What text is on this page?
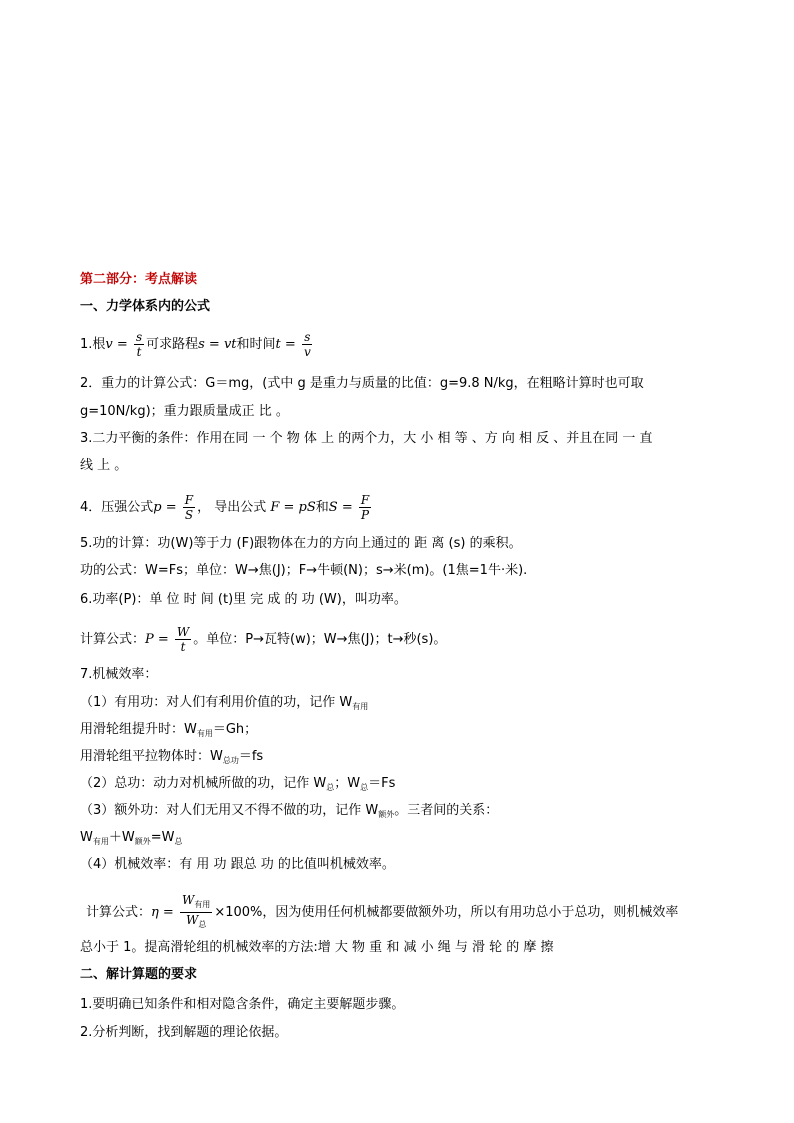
第二部分：考点解读
一、力学体系内的公式
1.根$v = \frac{s}{t}$ 可求路程s = vt和时间$t = \frac{s}{v}$
2．重力的计算公式：G＝mg，(式中 g 是重力与质量的比值：g=9.8 N/kg，在粗略计算时也可取
g=10N/kg)；重力跟质量成正 比 。
3.二力平衡的条件：作用在同 一 个 物 体 上 的两个力，大 小 相 等 、方 向 相 反 、并且在同 一 直
线 上 。
4．压强公式$p = \frac{F}{S}$ ， 导出公式 F = pS和$S = \frac{F}{P}$
5.功的计算：功(W)等于力 (F)跟物体在力的方向上通过的 距 离 (s) 的乘积。
功的公式：W=Fs；单位：W→焦(J)；F→牛顿(N)；s→米(m)。(1焦=1牛·米).
6.功率(P)：单 位 时 间 (t)里 完 成 的 功 (W)，叫功率。
计算公式：$P = \frac{W}{t}$ 。单位：P→瓦特(w)；W→焦(J)；t→秒(s)。
7.机械效率：
（1）有用功：对人们有利用价值的功，记作 $W_{有用}$
用滑轮组提升时：$W_{有用}=Gh$；
用滑轮组平拉物体时：$W_{总功}=fs$
（2）总功：动力对机械所做的功，记作 $W_总$；$W_总=Fs$
（3）额外功：对人们无用又不得不做的功，记作 $W_{额外}$。三者间的关系：
$W_{有用}+W_{额外}=W_总$
（4）机械效率：有 用 功 跟总 功 的比值叫机械效率。
计算公式：$\eta = \frac{W_{有用}}{W_总} \times 100\%$，因为使用任何机械都要做额外功，所以有用功总小于总功，则机械效率
总小于 1。提高滑轮组的机械效率的方法:增 大 物 重 和 减 小 绳 与 滑 轮 的 摩 擦
二、解计算题的要求
1.要明确已知条件和相对隐含条件，确定主要解题步骤。
2.分析判断，找到解题的理论依据。
